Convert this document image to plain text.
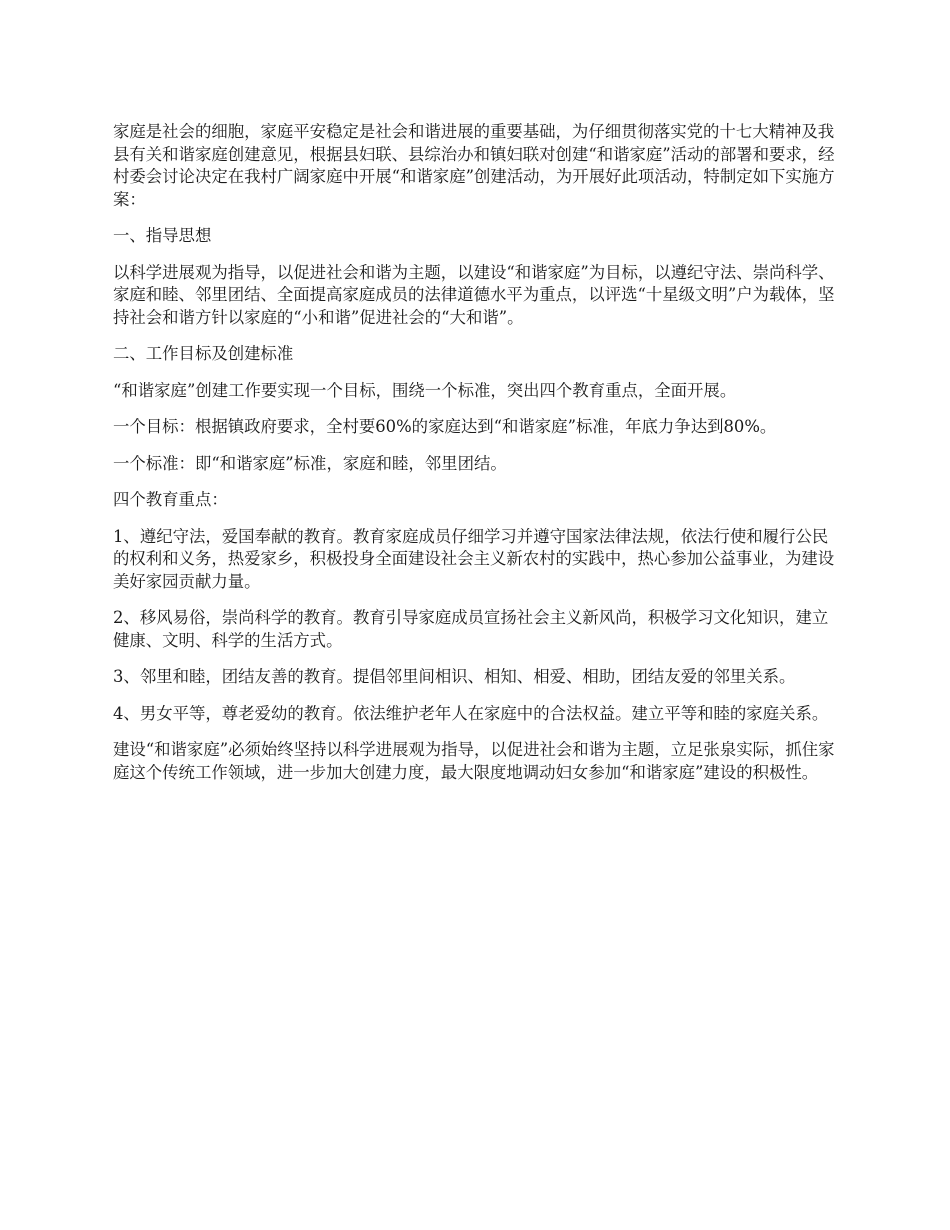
家庭是社会的细胞，家庭平安稳定是社会和谐进展的重要基础，为仔细贯彻落实党的十七大精神及我县有关和谐家庭创建意见，根据县妇联、县综治办和镇妇联对创建“和谐家庭”活动的部署和要求，经村委会讨论决定在我村广阔家庭中开展“和谐家庭”创建活动，为开展好此项活动，特制定如下实施方案：

一、指导思想

以科学进展观为指导，以促进社会和谐为主题，以建设“和谐家庭”为目标，以遵纪守法、崇尚科学、家庭和睦、邻里团结、全面提高家庭成员的法律道德水平为重点，以评选“十星级文明”户为载体，坚持社会和谐方针以家庭的“小和谐”促进社会的“大和谐”。

二、工作目标及创建标准

“和谐家庭”创建工作要实现一个目标，围绕一个标准，突出四个教育重点，全面开展。

一个目标：根据镇政府要求，全村要60%的家庭达到“和谐家庭”标准，年底力争达到80%。

一个标准：即“和谐家庭”标准，家庭和睦，邻里团结。

四个教育重点：

1、遵纪守法，爱国奉献的教育。教育家庭成员仔细学习并遵守国家法律法规，依法行使和履行公民的权利和义务，热爱家乡，积极投身全面建设社会主义新农村的实践中，热心参加公益事业，为建设美好家园贡献力量。

2、移风易俗，崇尚科学的教育。教育引导家庭成员宣扬社会主义新风尚，积极学习文化知识，建立健康、文明、科学的生活方式。

3、邻里和睦，团结友善的教育。提倡邻里间相识、相知、相爱、相助，团结友爱的邻里关系。

4、男女平等，尊老爱幼的教育。依法维护老年人在家庭中的合法权益。建立平等和睦的家庭关系。

建设“和谐家庭”必须始终坚持以科学进展观为指导，以促进社会和谐为主题，立足张泉实际，抓住家庭这个传统工作领域，进一步加大创建力度，最大限度地调动妇女参加“和谐家庭”建设的积极性。
